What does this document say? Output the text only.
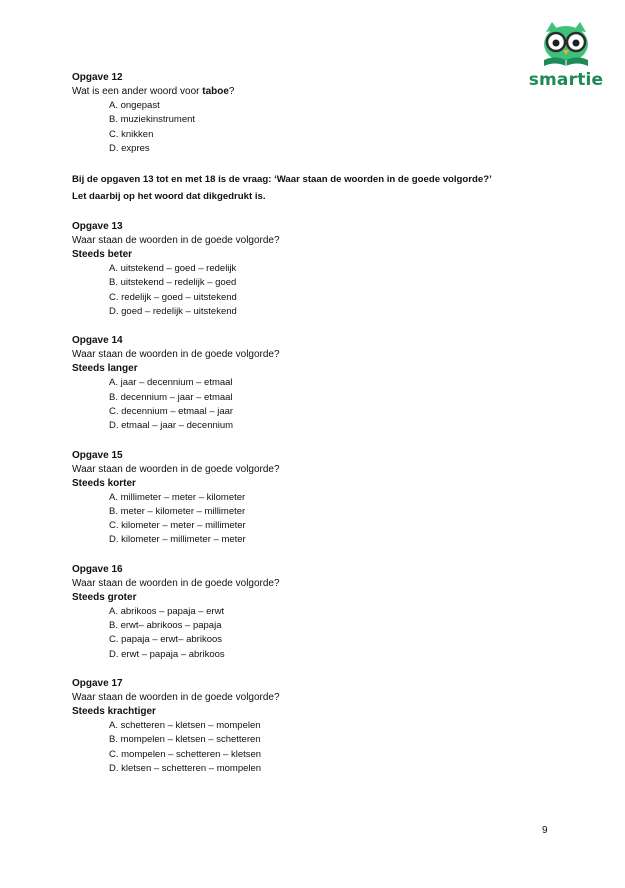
smartie
Opgave 12
Wat is een ander woord voor taboe?
A. ongepast
B. muziekinstrument
C. knikken
D. expres
Bij de opgaven 13 tot en met 18 is de vraag: ‘Waar staan de woorden in de goede volgorde?’
Let daarbij op het woord dat dikgedrukt is.
Opgave 13
Waar staan de woorden in de goede volgorde?
Steeds beter
A. uitstekend – goed – redelijk
B. uitstekend – redelijk – goed
C. redelijk – goed – uitstekend
D. goed – redelijk – uitstekend
Opgave 14
Waar staan de woorden in de goede volgorde?
Steeds langer
A. jaar – decennium – etmaal
B. decennium – jaar – etmaal
C. decennium – etmaal – jaar
D. etmaal – jaar – decennium
Opgave 15
Waar staan de woorden in de goede volgorde?
Steeds korter
A. millimeter – meter – kilometer
B. meter – kilometer – millimeter
C. kilometer – meter – millimeter
D. kilometer – millimeter – meter
Opgave 16
Waar staan de woorden in de goede volgorde?
Steeds groter
A. abrikoos – papaja – erwt
B. erwt– abrikoos – papaja
C. papaja – erwt– abrikoos
D. erwt – papaja – abrikoos
Opgave 17
Waar staan de woorden in de goede volgorde?
Steeds krachtiger
A. schetteren – kletsen – mompelen
B. mompelen – kletsen – schetteren
C. mompelen – schetteren – kletsen
D. kletsen – schetteren – mompelen
9
